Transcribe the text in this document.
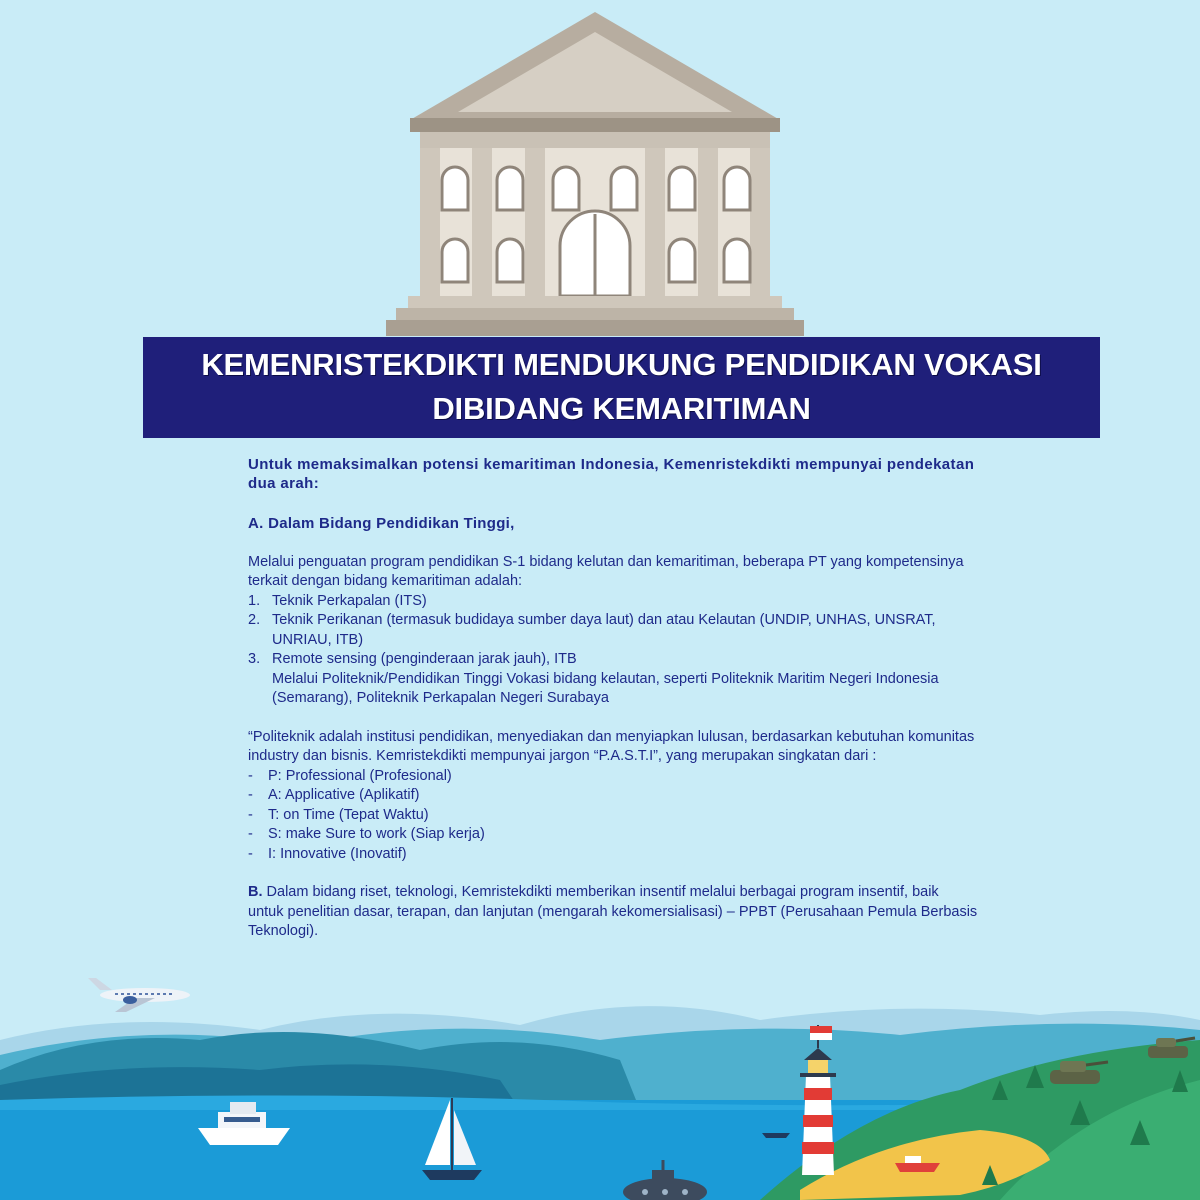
KEMENRISTEKDIKTI MENDUKUNG PENDIDIKAN VOKASI
DIBIDANG KEMARITIMAN

Untuk memaksimalkan potensi kemaritiman Indonesia, Kemenristekdikti mempunyai pendekatan dua arah:

A. Dalam Bidang Pendidikan Tinggi,

Melalui penguatan program pendidikan S-1 bidang kelutan dan kemaritiman, beberapa PT yang kompetensinya terkait dengan bidang kemaritiman adalah:

1. Teknik Perkapalan (ITS)
2. Teknik Perikanan (termasuk budidaya sumber daya laut) dan atau Kelautan (UNDIP, UNHAS, UNSRAT, UNRIAU, ITB)
3. Remote sensing (penginderaan jarak jauh), ITB

Melalui Politeknik/Pendidikan Tinggi Vokasi bidang kelautan, seperti Politeknik Maritim Negeri Indonesia (Semarang), Politeknik Perkapalan Negeri Surabaya

“Politeknik adalah institusi pendidikan, menyediakan dan menyiapkan lulusan, berdasarkan kebutuhan komunitas industry dan bisnis. Kemristekdikti mempunyai jargon “P.A.S.T.I”, yang merupakan singkatan dari :

-	P: Professional (Profesional)
-	A: Applicative (Aplikatif)
-	T: on Time (Tepat Waktu)
-	S: make Sure to work (Siap kerja)
-	I: Innovative (Inovatif)

B. Dalam bidang riset, teknologi, Kemristekdikti memberikan insentif melalui berbagai program insentif, baik untuk penelitian dasar, terapan, dan lanjutan (mengarah kekomersialisasi) – PPBT (Perusahaan Pemula Berbasis Teknologi).
